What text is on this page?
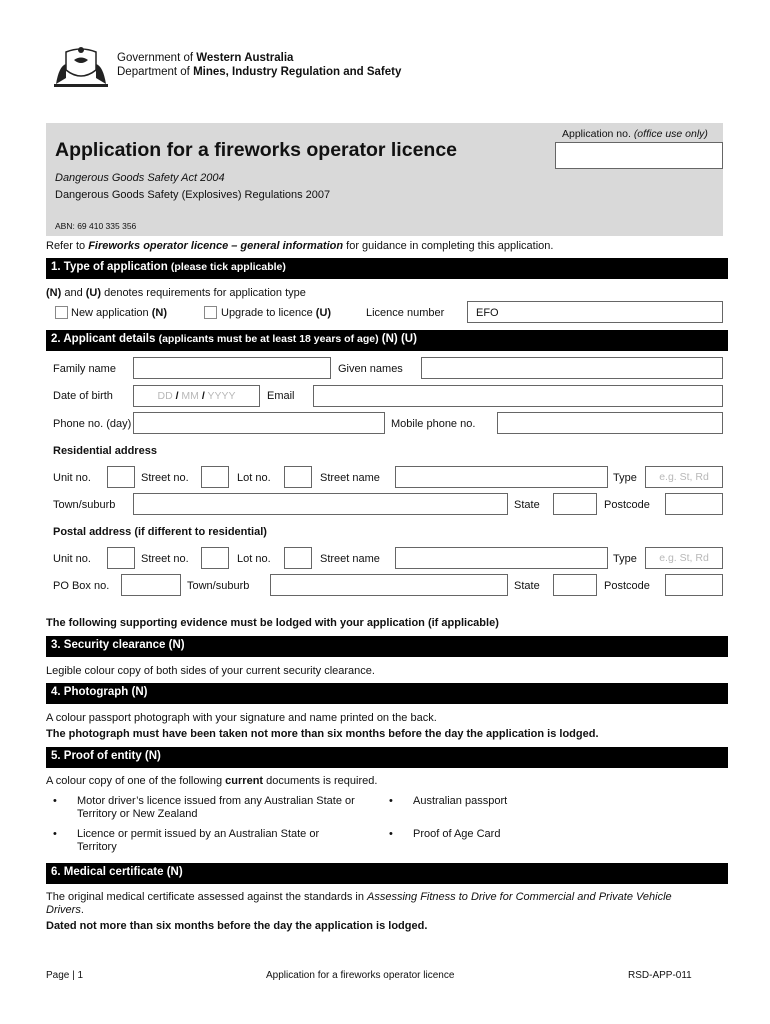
Government of Western Australia
Department of Mines, Industry Regulation and Safety
Application for a fireworks operator licence
Application no. (office use only)
Dangerous Goods Safety Act 2004
Dangerous Goods Safety (Explosives) Regulations 2007
ABN: 69 410 335 356
Refer to Fireworks operator licence – general information for guidance in completing this application.
1. Type of application (please tick applicable)
(N) and (U) denotes requirements for application type
New application (N)	Upgrade to licence (U)	Licence number	EFO
2. Applicant details (applicants must be at least 18 years of age) (N) (U)
Family name	Given names
Date of birth	DD / MM / YYYY	Email
Phone no. (day)	Mobile phone no.
Residential address
Unit no.	Street no.	Lot no.	Street name	Type	e.g. St, Rd
Town/suburb	State	Postcode
Postal address (if different to residential)
Unit no.	Street no.	Lot no.	Street name	Type	e.g. St, Rd
PO Box no.	Town/suburb	State	Postcode
The following supporting evidence must be lodged with your application (if applicable)
3. Security clearance (N)
Legible colour copy of both sides of your current security clearance.
4. Photograph (N)
A colour passport photograph with your signature and name printed on the back.
The photograph must have been taken not more than six months before the day the application is lodged.
5. Proof of entity (N)
A colour copy of one of the following current documents is required.
• Motor driver’s licence issued from any Australian State or
Territory or New Zealand
• Australian passport
• Licence or permit issued by an Australian State or
Territory
• Proof of Age Card
6. Medical certificate (N)
The original medical certificate assessed against the standards in Assessing Fitness to Drive for Commercial and Private Vehicle
Drivers.
Dated not more than six months before the day the application is lodged.
Page | 1	Application for a fireworks operator licence	RSD-APP-011
